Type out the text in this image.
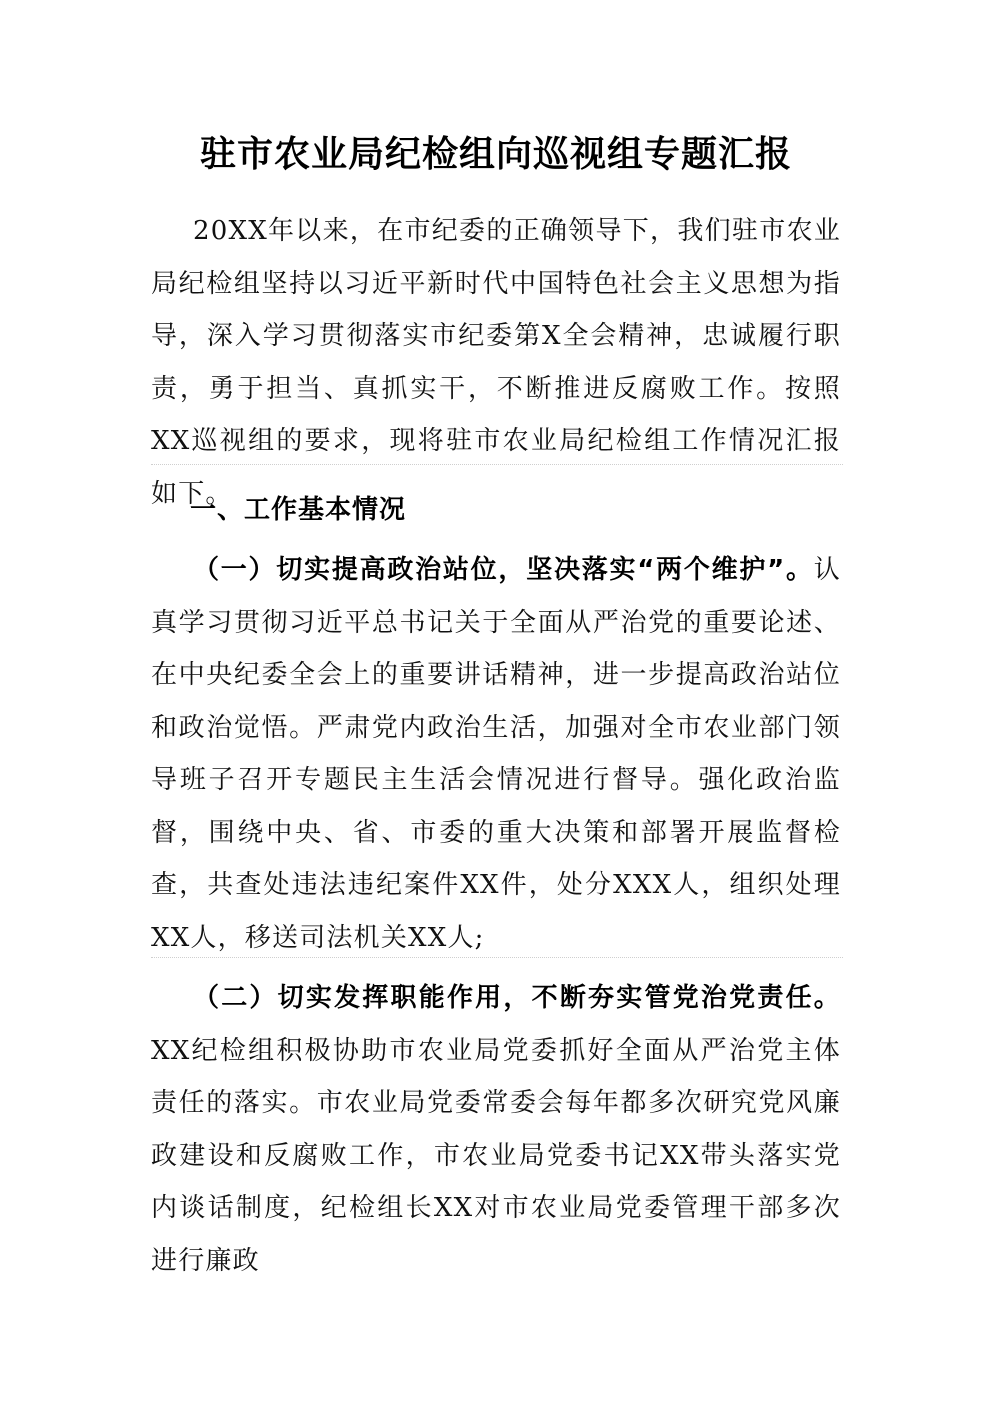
驻市农业局纪检组向巡视组专题汇报
20XX年以来，在市纪委的正确领导下，我们驻市农业局纪检组坚持以习近平新时代中国特色社会主义思想为指导，深入学习贯彻落实市纪委第X全会精神，忠诚履行职责，勇于担当、真抓实干，不断推进反腐败工作。按照XX巡视组的要求，现将驻市农业局纪检组工作情况汇报如下。
一、工作基本情况
（一）切实提高政治站位，坚决落实“两个维护”。认真学习贯彻习近平总书记关于全面从严治党的重要论述、在中央纪委全会上的重要讲话精神，进一步提高政治站位和政治觉悟。严肃党内政治生活，加强对全市农业部门领导班子召开专题民主生活会情况进行督导。强化政治监督，围绕中央、省、市委的重大决策和部署开展监督检查，共查处违法违纪案件XX件，处分XXX人，组织处理XX人，移送司法机关XX人;
（二）切实发挥职能作用，不断夯实管党治党责任。XX纪检组积极协助市农业局党委抓好全面从严治党主体责任的落实。市农业局党委常委会每年都多次研究党风廉政建设和反腐败工作，市农业局党委书记XX带头落实党内谈话制度，纪检组长XX对市农业局党委管理干部多次进行廉政
